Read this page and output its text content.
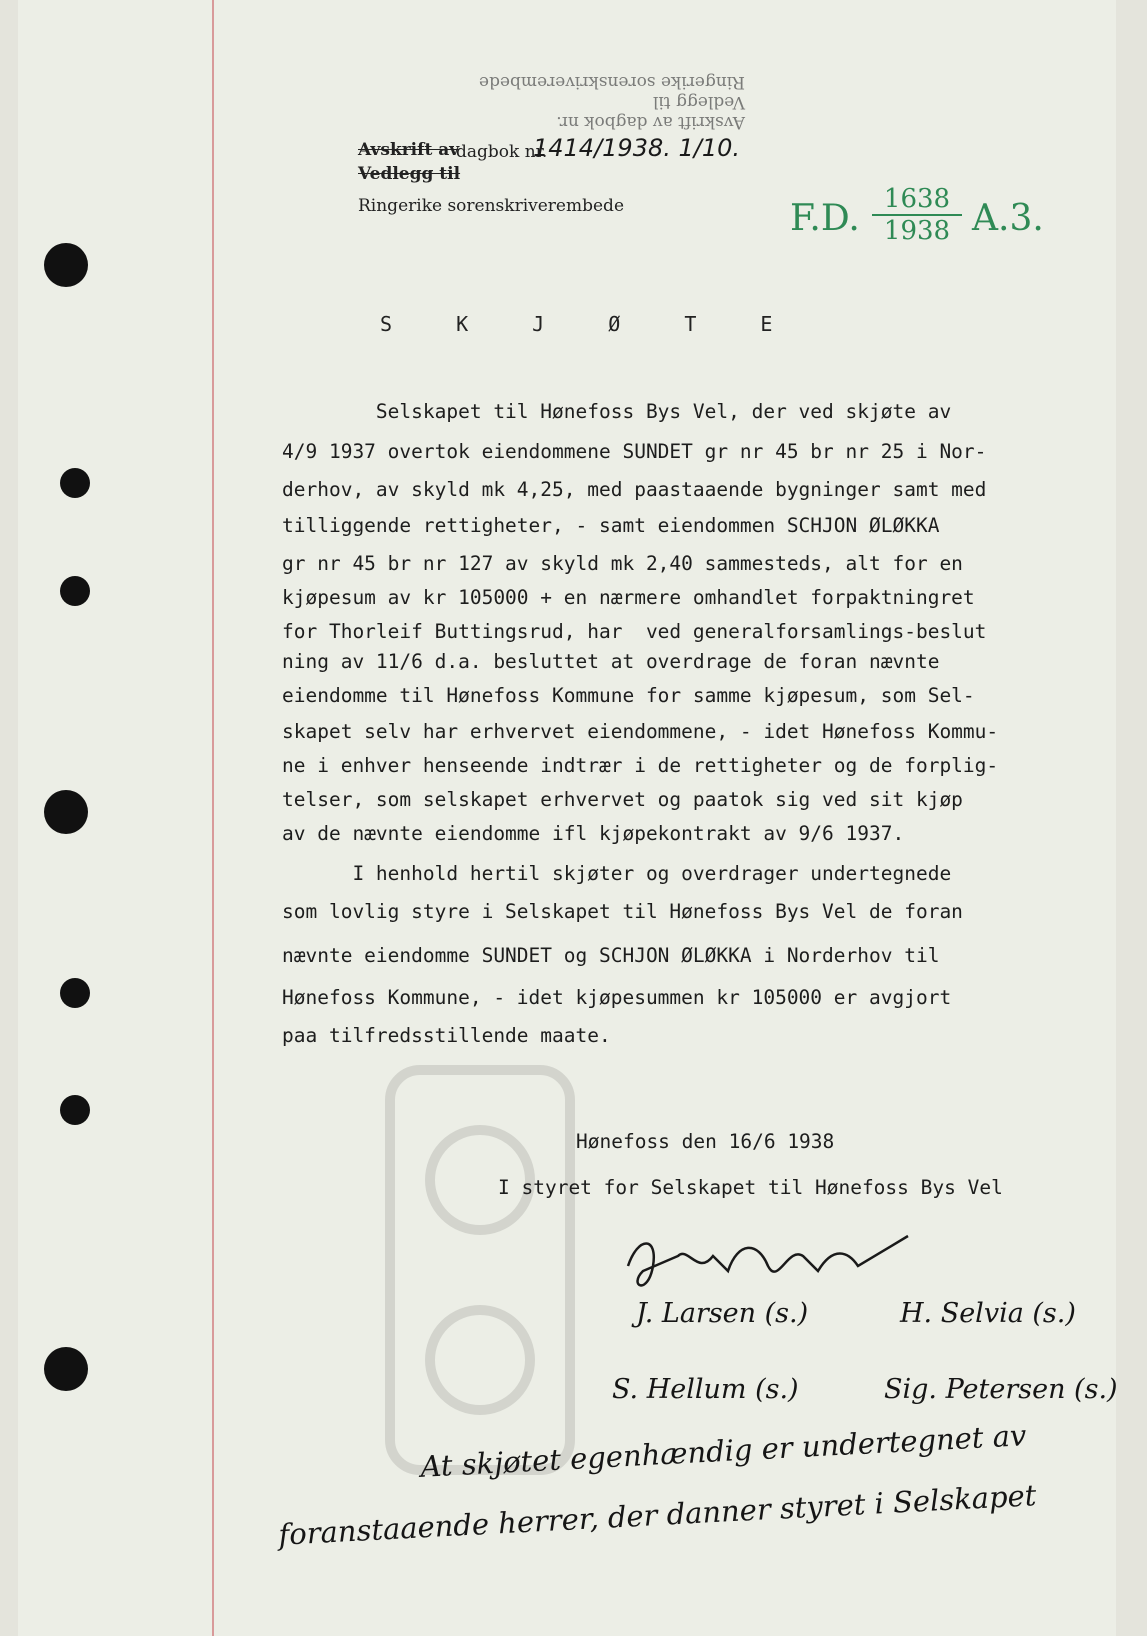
Avskrift av dagbok nr.
Vedlegg til
Ringerike sorenskriverembede
Avskrift av
dagbok nr.
1414/1938. 1/10.
Vedlegg til
Ringerike sorenskriverembede	F.D. $\frac{1638}{1938} A.3$.
S K J Ø T E
Selskapet til Hønefoss Bys Vel, der ved skjøte av
4/9 1937 overtok eiendommene SUNDET gr nr 45 br nr 25 i Nor-
derhov, av skyld mk 4,25, med paastaaende bygninger samt med
tilliggende rettigheter, - samt eiendommen SCHJON ØLØKKA
gr nr 45 br nr 127 av skyld mk 2,40 sammesteds, alt for en
kjøpesum av kr 105000 + en nærmere omhandlet forpaktningret
for Thorleif Buttingsrud, har  ved generalforsamlings-beslut
ning av 11/6 d.a. besluttet at overdrage de foran nævnte
eiendomme til Hønefoss Kommune for samme kjøpesum, som Sel-
skapet selv har erhvervet eiendommene, - idet Hønefoss Kommu-
ne i enhver henseende indtrær i de rettigheter og de forplig-
telser, som selskapet erhvervet og paatok sig ved sit kjøp
av de nævnte eiendomme ifl kjøpekontrakt av 9/6 1937.
I henhold hertil skjøter og overdrager undertegnede
som lovlig styre i Selskapet til Hønefoss Bys Vel de foran
nævnte eiendomme SUNDET og SCHJON ØLØKKA i Norderhov til
Hønefoss Kommune, - idet kjøpesummen kr 105000 er avgjort
paa tilfredsstillende maate.
Hønefoss den 16/6 1938
I styret for Selskapet til Hønefoss Bys Vel
J. Larsen (s.)	H. Selvia (s.)
S. Hellum (s.)	Sig. Petersen (s.)
At skjøtet egenhændig er undertegnet av
foranstaaende herrer, der danner styret i Selskapet
